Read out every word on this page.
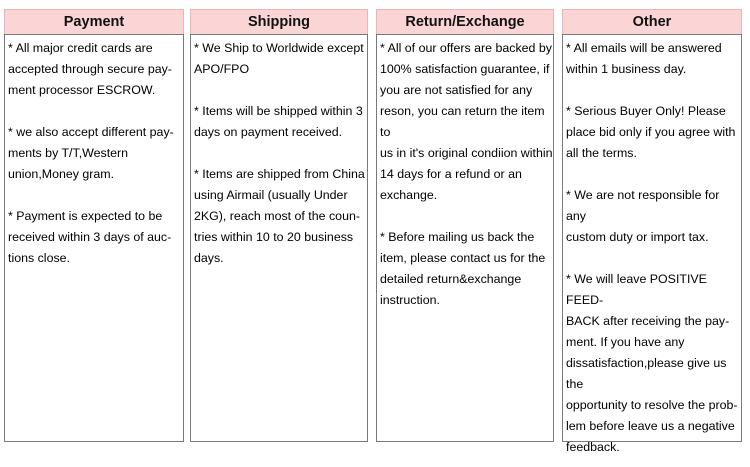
Payment
* All major credit cards are
accepted through secure pay-
ment processor ESCROW.
* we also accept different pay-
ments by T/T,Western
union,Money gram.
* Payment is expected to be
received within 3 days of auc-
tions close.
Shipping
* We Ship to Worldwide except
APO/FPO
* Items will be shipped within 3
days on payment received.
* Items are shipped from China
using Airmail (usually Under
2KG), reach most of the coun-
tries within 10 to 20 business
days.
Return/Exchange
* All of our offers are backed by
100% satisfaction guarantee, if
you are not satisfied for any
reson, you can return the item to
us in it's original condiion within
14 days for a refund or an
exchange.
* Before mailing us back the
item, please contact us for the
detailed return&exchange
instruction.
Other
* All emails will be answered
within 1 business day.
* Serious Buyer Only! Please
place bid only if you agree with
all the terms.
* We are not responsible for any
custom duty or import tax.
* We will leave POSITIVE FEED-
BACK after receiving the pay-
ment. If you have any
dissatisfaction,please give us the
opportunity to resolve the prob-
lem before leave us a negative
feedback.
